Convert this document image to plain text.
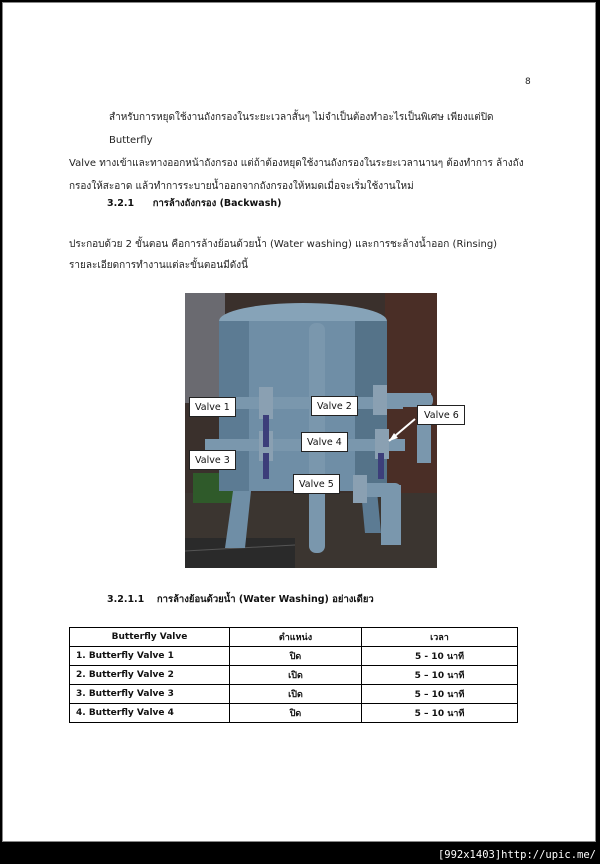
8
สำหรับการหยุดใช้งานถังกรองในระยะเวลาสั้นๆ ไม่จำเป็นต้องทำอะไรเป็นพิเศษ เพียงแต่ปิด Butterfly
Valve ทางเข้าและทางออกหน้าถังกรอง แต่ถ้าต้องหยุดใช้งานถังกรองในระยะเวลานานๆ ต้องทำการ ล้างถัง
กรองให้สะอาด แล้วทำการระบายน้ำออกจากถังกรองให้หมดเมื่อจะเริ่มใช้งานใหม่
3.2.1 การล้างถังกรอง (Backwash)
ประกอบด้วย 2 ขั้นตอน คือการล้างย้อนด้วยน้ำ (Water washing) และการชะล้างน้ำออก (Rinsing)
รายละเอียดการทำงานแต่ละขั้นตอนมีดังนี้
Valve 1	Valve 2
Valve 3
Valve 4
Valve 5
Valve 6
3.2.1.1 การล้างย้อนด้วยน้ำ (Water Washing) อย่างเดียว
Butterfly Valve	ตำแหน่ง	เวลา
1. Butterfly Valve 1	ปิด	5 - 10 นาที
2. Butterfly Valve 2	เปิด	5 – 10 นาที
3. Butterfly Valve 3	เปิด	5 – 10 นาที
4. Butterfly Valve 4	ปิด	5 – 10 นาที
[992x1403]http://upic.me/
